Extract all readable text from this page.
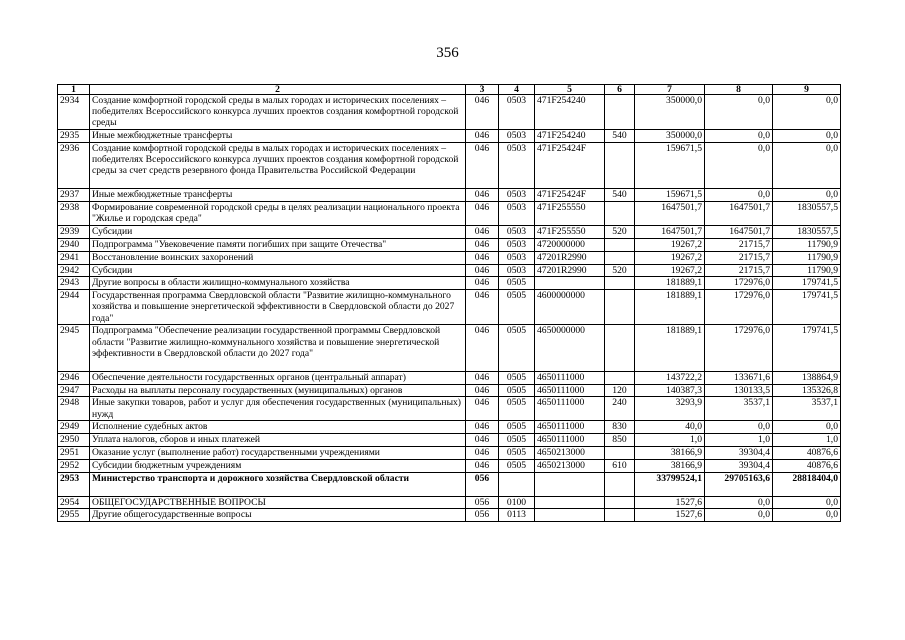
356
1	2	3	4	5	6	7	8	9
2934	Создание комфортной городской среды в малых городах и исторических поселениях – победителях Всероссийского конкурса лучших проектов создания комфортной городской среды	046	0503	471F254240		350000,0	0,0	0,0
2935	Иные межбюджетные трансферты	046	0503	471F254240	540	350000,0	0,0	0,0
2936	Создание комфортной городской среды в малых городах и исторических поселениях – победителях Всероссийского конкурса лучших проектов создания комфортной городской среды за счет средств резервного фонда Правительства Российской Федерации	046	0503	471F25424F		159671,5	0,0	0,0
2937	Иные межбюджетные трансферты	046	0503	471F25424F	540	159671,5	0,0	0,0
2938	Формирование современной городской среды в целях реализации национального проекта "Жилье и городская среда"	046	0503	471F255550		1647501,7	1647501,7	1830557,5
2939	Субсидии	046	0503	471F255550	520	1647501,7	1647501,7	1830557,5
2940	Подпрограмма "Увековечение памяти погибших при защите Отечества"	046	0503	4720000000		19267,2	21715,7	11790,9
2941	Восстановление воинских захоронений	046	0503	47201R2990		19267,2	21715,7	11790,9
2942	Субсидии	046	0503	47201R2990	520	19267,2	21715,7	11790,9
2943	Другие вопросы в области жилищно-коммунального хозяйства	046	0505			181889,1	172976,0	179741,5
2944	Государственная программа Свердловской области "Развитие жилищно-коммунального хозяйства и повышение энергетической эффективности в Свердловской области до 2027 года"	046	0505	4600000000		181889,1	172976,0	179741,5
2945	Подпрограмма "Обеспечение реализации государственной программы Свердловской области "Развитие жилищно-коммунального хозяйства и повышение энергетической эффективности в Свердловской области до 2027 года"	046	0505	4650000000		181889,1	172976,0	179741,5
2946	Обеспечение деятельности государственных органов (центральный аппарат)	046	0505	4650111000		143722,2	133671,6	138864,9
2947	Расходы на выплаты персоналу государственных (муниципальных) органов	046	0505	4650111000	120	140387,3	130133,5	135326,8
2948	Иные закупки товаров, работ и услуг для обеспечения государственных (муниципальных) нужд	046	0505	4650111000	240	3293,9	3537,1	3537,1
2949	Исполнение судебных актов	046	0505	4650111000	830	40,0	0,0	0,0
2950	Уплата налогов, сборов и иных платежей	046	0505	4650111000	850	1,0	1,0	1,0
2951	Оказание услуг (выполнение работ) государственными учреждениями	046	0505	4650213000		38166,9	39304,4	40876,6
2952	Субсидии бюджетным учреждениям	046	0505	4650213000	610	38166,9	39304,4	40876,6
2953	Министерство транспорта и дорожного хозяйства Свердловской области	056				33799524,1	29705163,6	28818404,0
2954	ОБЩЕГОСУДАРСТВЕННЫЕ ВОПРОСЫ	056	0100			1527,6	0,0	0,0
2955	Другие общегосударственные вопросы	056	0113			1527,6	0,0	0,0
